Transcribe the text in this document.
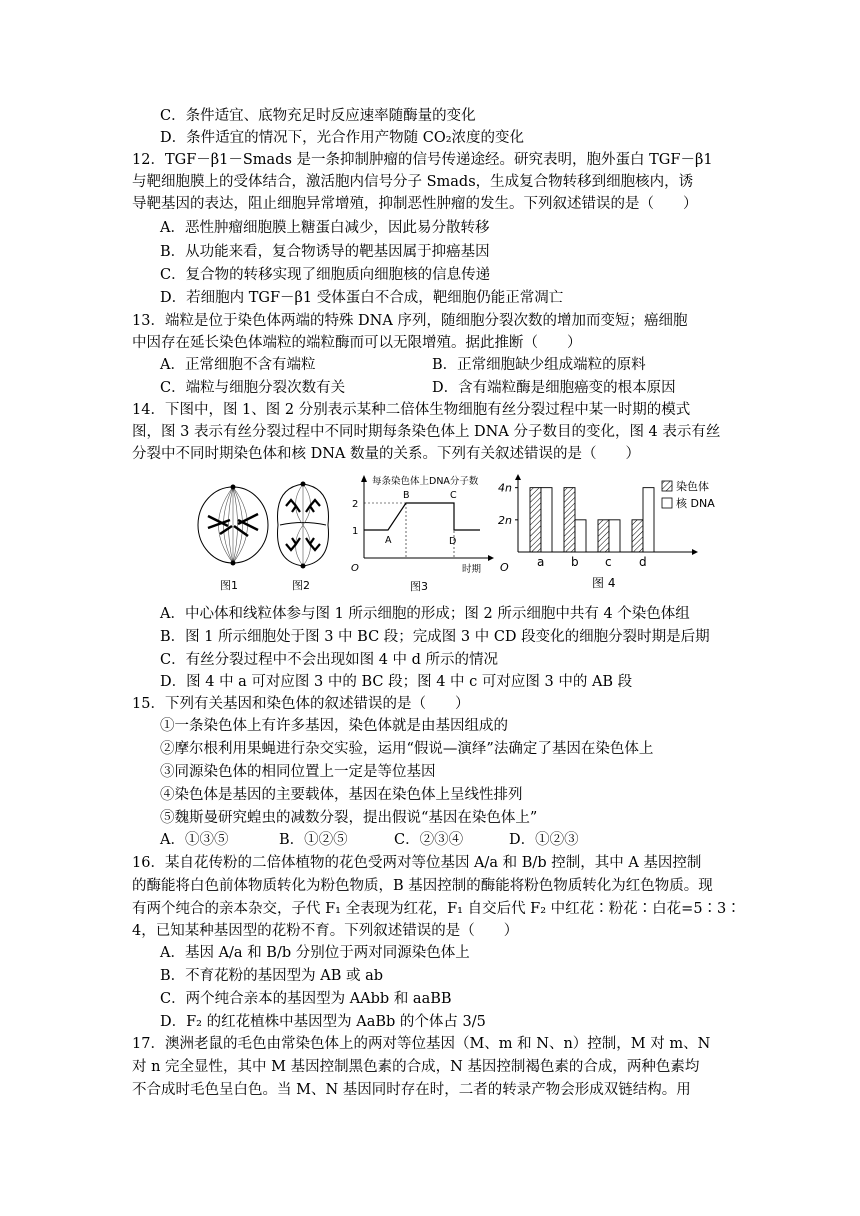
C．条件适宜、底物充足时反应速率随酶量的变化
D．条件适宜的情况下，光合作用产物随 CO₂浓度的变化
12．TGF－β1－Smads 是一条抑制肿瘤的信号传递途经。研究表明，胞外蛋白 TGF－β1
与靶细胞膜上的受体结合，激活胞内信号分子 Smads，生成复合物转移到细胞核内，诱
导靶基因的表达，阻止细胞异常增殖，抑制恶性肿瘤的发生。下列叙述错误的是（　　）
A．恶性肿瘤细胞膜上糖蛋白减少，因此易分散转移
B．从功能来看，复合物诱导的靶基因属于抑癌基因
C．复合物的转移实现了细胞质向细胞核的信息传递
D．若细胞内 TGF－β1 受体蛋白不合成，靶细胞仍能正常凋亡
13．端粒是位于染色体两端的特殊 DNA 序列，随细胞分裂次数的增加而变短；癌细胞
中因存在延长染色体端粒的端粒酶而可以无限增殖。据此推断（　　）
A．正常细胞不含有端粒	B．正常细胞缺少组成端粒的原料
C．端粒与细胞分裂次数有关	D．含有端粒酶是细胞癌变的根本原因
14．下图中，图 1、图 2 分别表示某种二倍体生物细胞有丝分裂过程中某一时期的模式
图，图 3 表示有丝分裂过程中不同时期每条染色体上 DNA 分子数目的变化，图 4 表示有丝
分裂中不同时期染色体和核 DNA 数量的关系。下列有关叙述错误的是（　　）
图1	图2
每条染色体上DNA分子数
2
1
O
A
B	C
D
时期
图3
O
2n
4n
a b c d
染色体
核 DNA
图 4
A．中心体和线粒体参与图 1 所示细胞的形成；图 2 所示细胞中共有 4 个染色体组
B．图 1 所示细胞处于图 3 中 BC 段；完成图 3 中 CD 段变化的细胞分裂时期是后期
C．有丝分裂过程中不会出现如图 4 中 d 所示的情况
D．图 4 中 a 可对应图 3 中的 BC 段；图 4 中 c 可对应图 3 中的 AB 段
15．下列有关基因和染色体的叙述错误的是（　　）
①一条染色体上有许多基因，染色体就是由基因组成的
②摩尔根利用果蝇进行杂交实验，运用“假说—演绎”法确定了基因在染色体上
③同源染色体的相同位置上一定是等位基因
④染色体是基因的主要载体，基因在染色体上呈线性排列
⑤魏斯曼研究蝗虫的减数分裂，提出假说“基因在染色体上”
A．①③⑤	B．①②⑤	C．②③④	D．①②③
16．某自花传粉的二倍体植物的花色受两对等位基因 A/a 和 B/b 控制，其中 A 基因控制
的酶能将白色前体物质转化为粉色物质，B 基因控制的酶能将粉色物质转化为红色物质。现
有两个纯合的亲本杂交，子代 F₁ 全表现为红花，F₁ 自交后代 F₂ 中红花∶粉花∶白花=5∶3∶
4，已知某种基因型的花粉不育。下列叙述错误的是（　　）
A．基因 A/a 和 B/b 分别位于两对同源染色体上
B．不育花粉的基因型为 AB 或 ab
C．两个纯合亲本的基因型为 AAbb 和 aaBB
D．F₂ 的红花植株中基因型为 AaBb 的个体占 3/5
17．澳洲老鼠的毛色由常染色体上的两对等位基因（M、m 和 N、n）控制，M 对 m、N
对 n 完全显性，其中 M 基因控制黑色素的合成，N 基因控制褐色素的合成，两种色素均
不合成时毛色呈白色。当 M、N 基因同时存在时，二者的转录产物会形成双链结构。用
